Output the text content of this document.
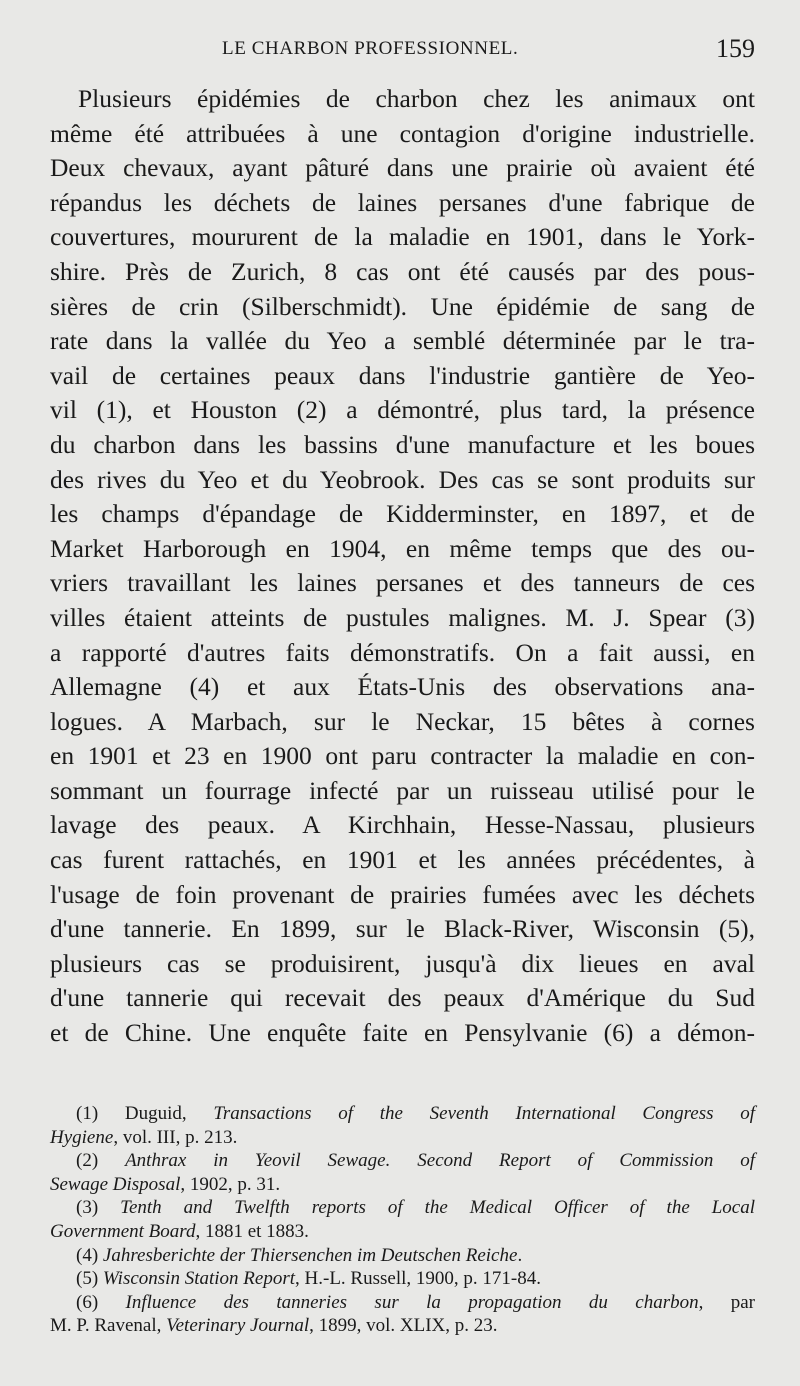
LE CHARBON PROFESSIONNEL.	159
Plusieurs épidémies de charbon chez les animaux ont
même été attribuées à une contagion d'origine industrielle.
Deux chevaux, ayant pâturé dans une prairie où avaient été
répandus les déchets de laines persanes d'une fabrique de
couvertures, moururent de la maladie en 1901, dans le York-
shire. Près de Zurich, 8 cas ont été causés par des pous-
sières de crin (Silberschmidt). Une épidémie de sang de
rate dans la vallée du Yeo a semblé déterminée par le tra-
vail de certaines peaux dans l'industrie gantière de Yeo-
vil (1), et Houston (2) a démontré, plus tard, la présence
du charbon dans les bassins d'une manufacture et les boues
des rives du Yeo et du Yeobrook. Des cas se sont produits sur
les champs d'épandage de Kidderminster, en 1897, et de
Market Harborough en 1904, en même temps que des ou-
vriers travaillant les laines persanes et des tanneurs de ces
villes étaient atteints de pustules malignes. M. J. Spear (3)
a rapporté d'autres faits démonstratifs. On a fait aussi, en
Allemagne (4) et aux États-Unis des observations ana-
logues. A Marbach, sur le Neckar, 15 bêtes à cornes
en 1901 et 23 en 1900 ont paru contracter la maladie en con-
sommant un fourrage infecté par un ruisseau utilisé pour le
lavage des peaux. A Kirchhain, Hesse-Nassau, plusieurs
cas furent rattachés, en 1901 et les années précédentes, à
l'usage de foin provenant de prairies fumées avec les déchets
d'une tannerie. En 1899, sur le Black-River, Wisconsin (5),
plusieurs cas se produisirent, jusqu'à dix lieues en aval
d'une tannerie qui recevait des peaux d'Amérique du Sud
et de Chine. Une enquête faite en Pensylvanie (6) a démon-
(1) Duguid, Transactions of the Seventh International Congress of
Hygiene, vol. III, p. 213.
(2) Anthrax in Yeovil Sewage. Second Report of Commission of
Sewage Disposal, 1902, p. 31.
(3) Tenth and Twelfth reports of the Medical Officer of the Local
Government Board, 1881 et 1883.
(4) Jahresberichte der Thiersenchen im Deutschen Reiche.
(5) Wisconsin Station Report, H.-L. Russell, 1900, p. 171-84.
(6) Influence des tanneries sur la propagation du charbon, par
M. P. Ravenal, Veterinary Journal, 1899, vol. XLIX, p. 23.
